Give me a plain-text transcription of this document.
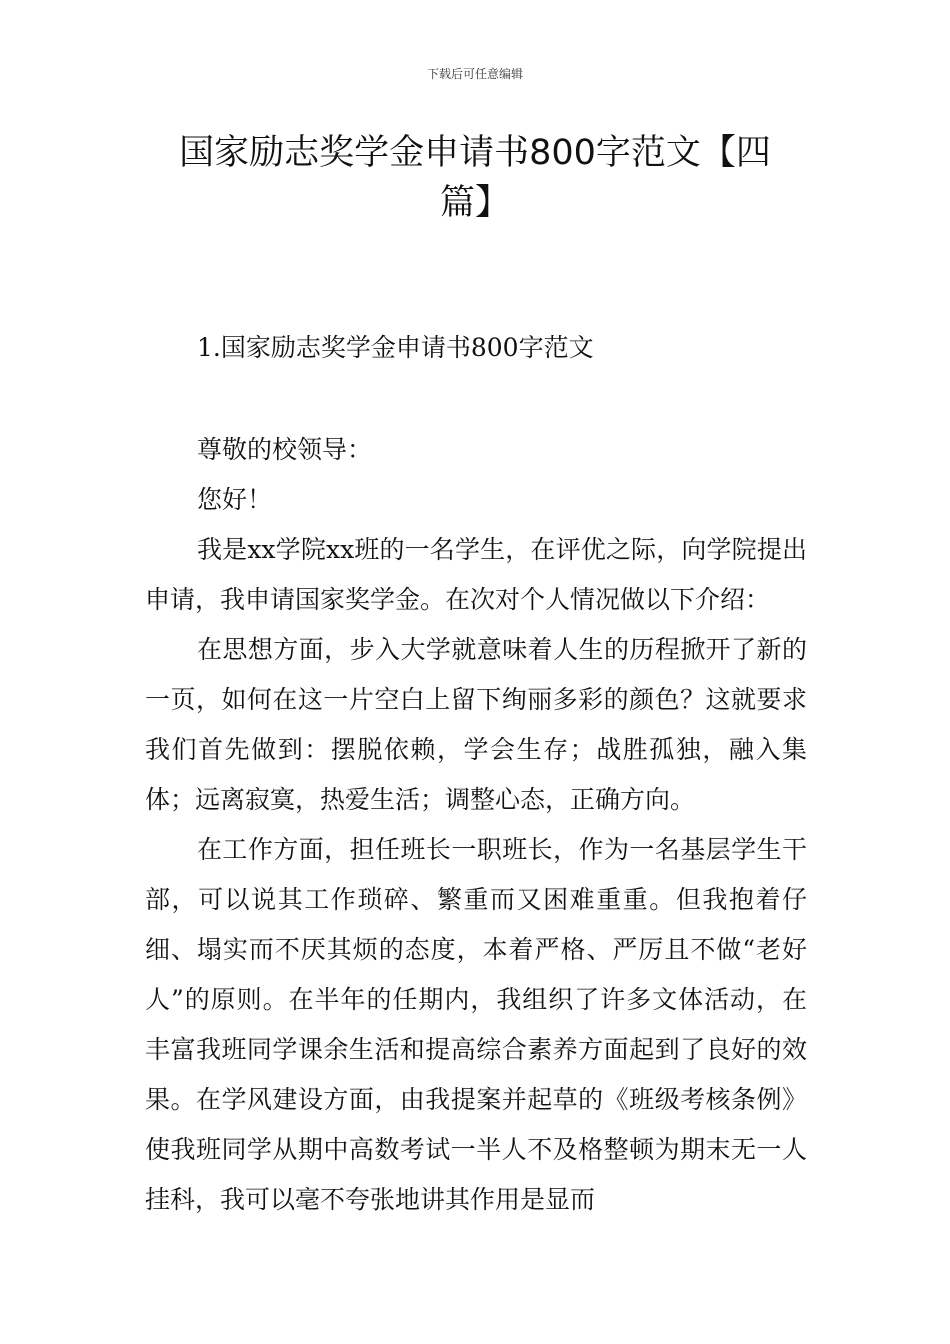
下载后可任意编辑
国家励志奖学金申请书800字范文【四篇】

1.国家励志奖学金申请书800字范文

尊敬的校领导：

您好！

我是xx学院xx班的一名学生，在评优之际，向学院提出申请，我申请国家奖学金。在次对个人情况做以下介绍：

在思想方面，步入大学就意味着人生的历程掀开了新的一页，如何在这一片空白上留下绚丽多彩的颜色？这就要求我们首先做到：摆脱依赖，学会生存；战胜孤独，融入集体；远离寂寞，热爱生活；调整心态，正确方向。

在工作方面，担任班长一职班长，作为一名基层学生干部，可以说其工作琐碎、繁重而又困难重重。但我抱着仔细、塌实而不厌其烦的态度，本着严格、严厉且不做“老好人”的原则。在半年的任期内，我组织了许多文体活动，在丰富我班同学课余生活和提高综合素养方面起到了良好的效果。在学风建设方面，由我提案并起草的《班级考核条例》使我班同学从期中高数考试一半人不及格整顿为期末无一人挂科，我可以毫不夸张地讲其作用是显而
